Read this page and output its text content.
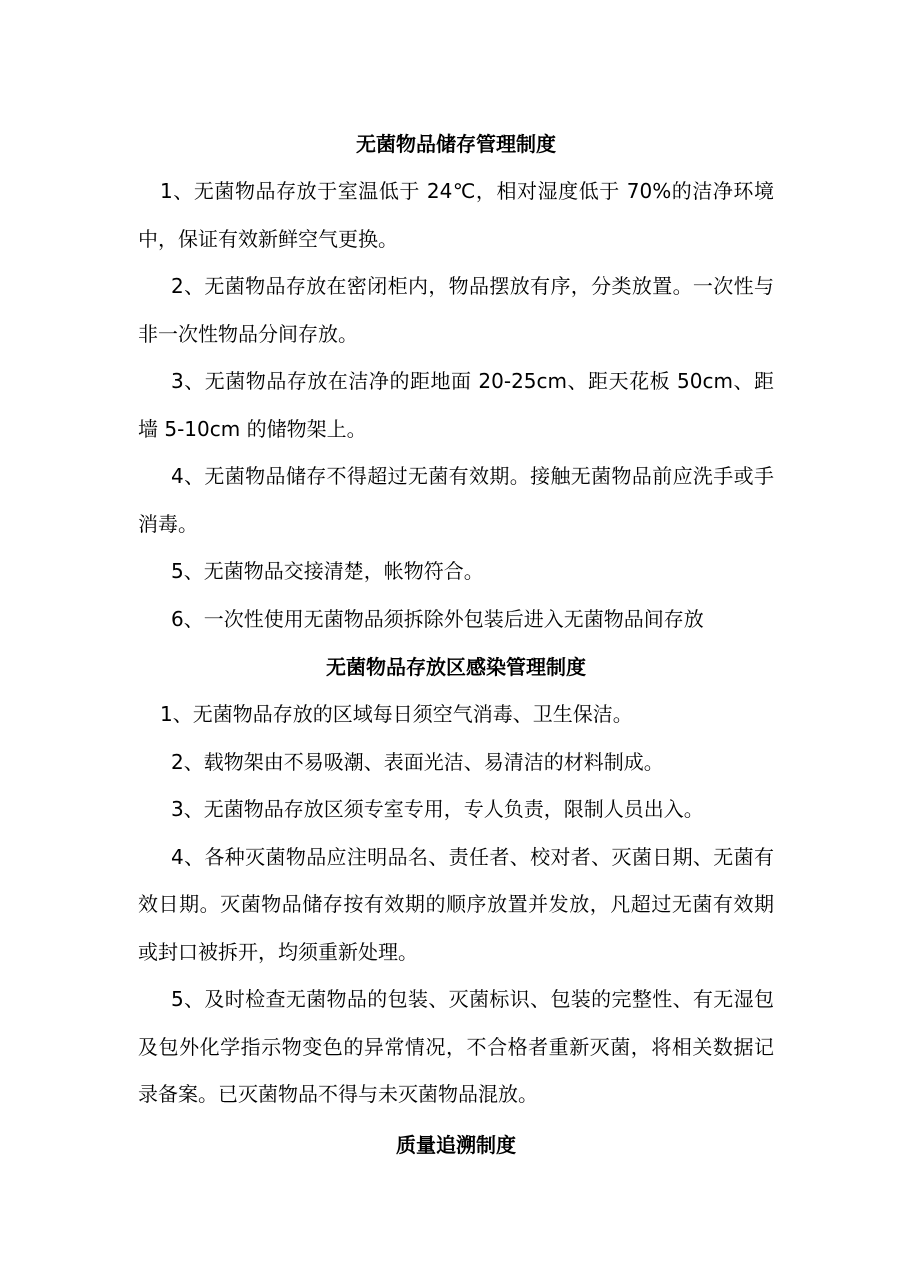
无菌物品储存管理制度

1、无菌物品存放于室温低于 24℃，相对湿度低于 70%的洁净环境中，保证有效新鲜空气更换。

2、无菌物品存放在密闭柜内，物品摆放有序，分类放置。一次性与非一次性物品分间存放。

3、无菌物品存放在洁净的距地面 20-25cm、距天花板 50cm、距墙 5-10cm 的储物架上。

4、无菌物品储存不得超过无菌有效期。接触无菌物品前应洗手或手消毒。

5、无菌物品交接清楚，帐物符合。

6、一次性使用无菌物品须拆除外包装后进入无菌物品间存放

无菌物品存放区感染管理制度

1、无菌物品存放的区域每日须空气消毒、卫生保洁。

2、载物架由不易吸潮、表面光洁、易清洁的材料制成。

3、无菌物品存放区须专室专用，专人负责，限制人员出入。

4、各种灭菌物品应注明品名、责任者、校对者、灭菌日期、无菌有效日期。灭菌物品储存按有效期的顺序放置并发放，凡超过无菌有效期或封口被拆开，均须重新处理。

5、及时检查无菌物品的包装、灭菌标识、包装的完整性、有无湿包及包外化学指示物变色的异常情况，不合格者重新灭菌，将相关数据记录备案。已灭菌物品不得与未灭菌物品混放。

质量追溯制度
